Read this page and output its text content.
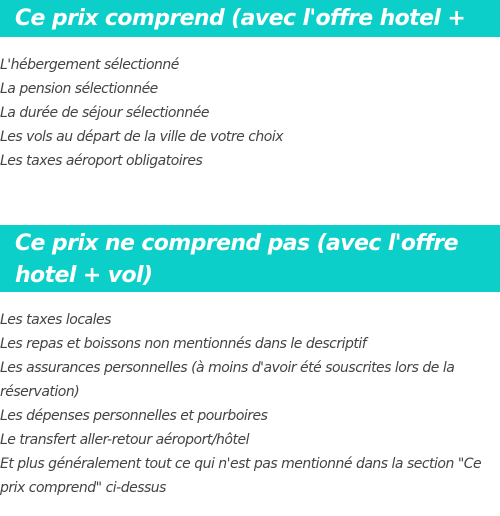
Ce prix comprend (avec l'offre hotel + vol)
L'hébergement sélectionné
La pension sélectionnée
La durée de séjour sélectionnée
Les vols au départ de la ville de votre choix
Les taxes aéroport obligatoires
Ce prix ne comprend pas (avec l'offre hotel + vol)
Les taxes locales
Les repas et boissons non mentionnés dans le descriptif
Les assurances personnelles (à moins d'avoir été souscrites lors de la réservation)
Les dépenses personnelles et pourboires
Le transfert aller-retour aéroport/hôtel
Et plus généralement tout ce qui n'est pas mentionné dans la section "Ce prix comprend" ci-dessus
